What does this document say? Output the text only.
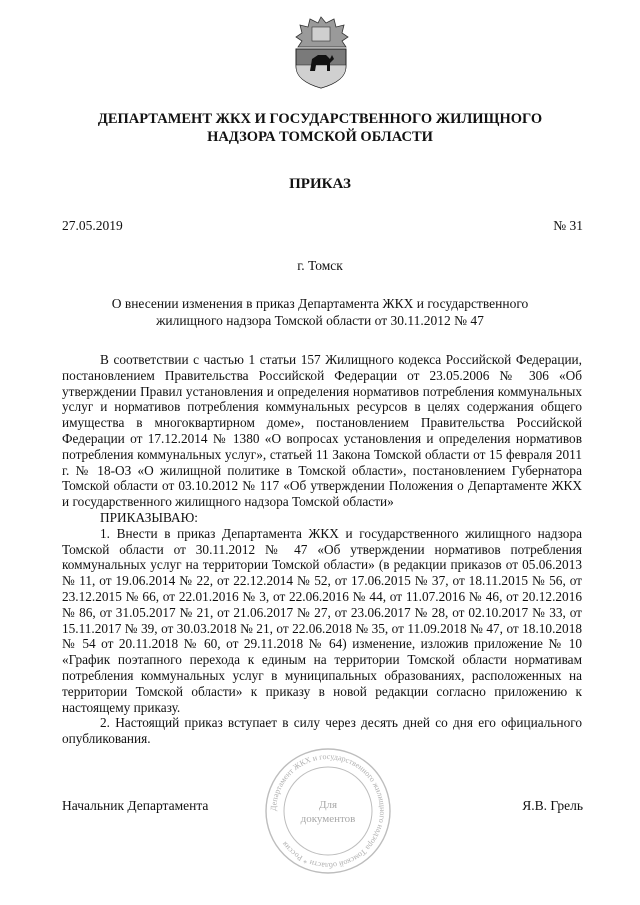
ДЕПАРТАМЕНТ ЖКХ И ГОСУДАРСТВЕННОГО ЖИЛИЩНОГО
НАДЗОРА ТОМСКОЙ ОБЛАСТИ
ПРИКАЗ
27.05.2019	№ 31
г. Томск
О внесении изменения в приказ Департамента ЖКХ и государственного
жилищного надзора Томской области от 30.11.2012 № 47

В соответствии с частью 1 статьи 157 Жилищного кодекса Российской Федерации, постановлением Правительства Российской Федерации от 23.05.2006 № 306 «Об утверждении Правил установления и определения нормативов потребления коммунальных услуг и нормативов потребления коммунальных ресурсов в целях содержания общего имущества в многоквартирном доме», постановлением Правительства Российской Федерации от 17.12.2014 № 1380 «О вопросах установления и определения нормативов потребления коммунальных услуг», статьей 11 Закона Томской области от 15 февраля 2011 г. № 18-ОЗ «О жилищной политике в Томской области», постановлением Губернатора Томской области от 03.10.2012 № 117 «Об утверждении Положения о Департаменте ЖКХ и государственного жилищного надзора Томской области»

ПРИКАЗЫВАЮ:

1. Внести в приказ Департамента ЖКХ и государственного жилищного надзора Томской области от 30.11.2012 № 47 «Об утверждении нормативов потребления коммунальных услуг на территории Томской области» (в редакции приказов от 05.06.2013 № 11, от 19.06.2014 № 22, от 22.12.2014 № 52, от 17.06.2015 № 37, от 18.11.2015 № 56, от 23.12.2015 № 66, от 22.01.2016 № 3, от 22.06.2016 № 44, от 11.07.2016 № 46, от 20.12.2016 № 86, от 31.05.2017 № 21, от 21.06.2017 № 27, от 23.06.2017 № 28, от 02.10.2017 № 33, от 15.11.2017 № 39, от 30.03.2018 № 21, от 22.06.2018 № 35, от 11.09.2018 № 47, от 18.10.2018 № 54 от 20.11.2018 № 60, от 29.11.2018 № 64) изменение, изложив приложение № 10 «График поэтапного перехода к единым на территории Томской области нормативам потребления коммунальных услуг в муниципальных образованиях, расположенных на территории Томской области» к приказу в новой редакции согласно приложению к настоящему приказу.

2. Настоящий приказ вступает в силу через десять дней со дня его официального опубликования.

Начальник Департамента	Я.В. Грель
Департамент ЖКХ и государственного жилищного надзора Томской области * Россия
Для
документов
